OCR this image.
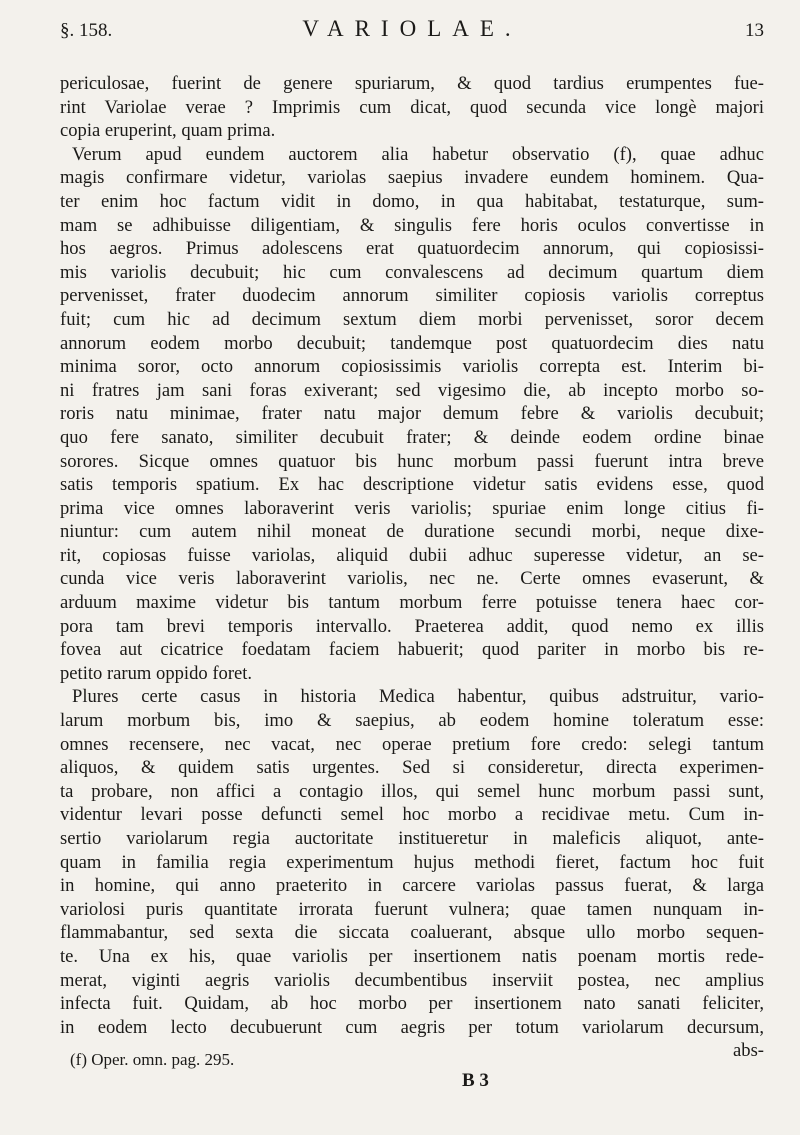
§. 158.	VARIOLAE.	13
periculosae, fuerint de genere spuriarum, & quod tardius erumpentes fue-
rint Variolae verae ? Imprimis cum dicat, quod secunda vice longè majori
copia eruperint, quam prima.
Verum apud eundem auctorem alia habetur observatio (f), quae adhuc
magis confirmare videtur, variolas saepius invadere eundem hominem. Qua-
ter enim hoc factum vidit in domo, in qua habitabat, testaturque, sum-
mam se adhibuisse diligentiam, & singulis fere horis oculos convertisse in
hos aegros. Primus adolescens erat quatuordecim annorum, qui copiosissi-
mis variolis decubuit; hic cum convalescens ad decimum quartum diem
pervenisset, frater duodecim annorum similiter copiosis variolis correptus
fuit; cum hic ad decimum sextum diem morbi pervenisset, soror decem
annorum eodem morbo decubuit; tandemque post quatuordecim dies natu
minima soror, octo annorum copiosissimis variolis correpta est. Interim bi-
ni fratres jam sani foras exiverant; sed vigesimo die, ab incepto morbo so-
roris natu minimae, frater natu major demum febre & variolis decubuit;
quo fere sanato, similiter decubuit frater; & deinde eodem ordine binae
sorores. Sicque omnes quatuor bis hunc morbum passi fuerunt intra breve
satis temporis spatium. Ex hac descriptione videtur satis evidens esse, quod
prima vice omnes laboraverint veris variolis; spuriae enim longe citius fi-
niuntur: cum autem nihil moneat de duratione secundi morbi, neque dixe-
rit, copiosas fuisse variolas, aliquid dubii adhuc superesse videtur, an se-
cunda vice veris laboraverint variolis, nec ne. Certe omnes evaserunt, &
arduum maxime videtur bis tantum morbum ferre potuisse tenera haec cor-
pora tam brevi temporis intervallo. Praeterea addit, quod nemo ex illis
fovea aut cicatrice foedatam faciem habuerit; quod pariter in morbo bis re-
petito rarum oppido foret.
Plures certe casus in historia Medica habentur, quibus adstruitur, vario-
larum morbum bis, imo & saepius, ab eodem homine toleratum esse:
omnes recensere, nec vacat, nec operae pretium fore credo: selegi tantum
aliquos, & quidem satis urgentes. Sed si consideretur, directa experimen-
ta probare, non affici a contagio illos, qui semel hunc morbum passi sunt,
videntur levari posse defuncti semel hoc morbo a recidivae metu. Cum in-
sertio variolarum regia auctoritate institueretur in maleficis aliquot, ante-
quam in familia regia experimentum hujus methodi fieret, factum hoc fuit
in homine, qui anno praeterito in carcere variolas passus fuerat, & larga
variolosi puris quantitate irrorata fuerunt vulnera; quae tamen nunquam in-
flammabantur, sed sexta die siccata coaluerant, absque ullo morbo sequen-
te. Una ex his, quae variolis per insertionem natis poenam mortis rede-
merat, viginti aegris variolis decumbentibus inserviit postea, nec amplius
infecta fuit. Quidam, ab hoc morbo per insertionem nato sanati feliciter,
in eodem lecto decubuerunt cum aegris per totum variolarum decursum,
abs-
(f) Oper. omn. pag. 295.
B 3
